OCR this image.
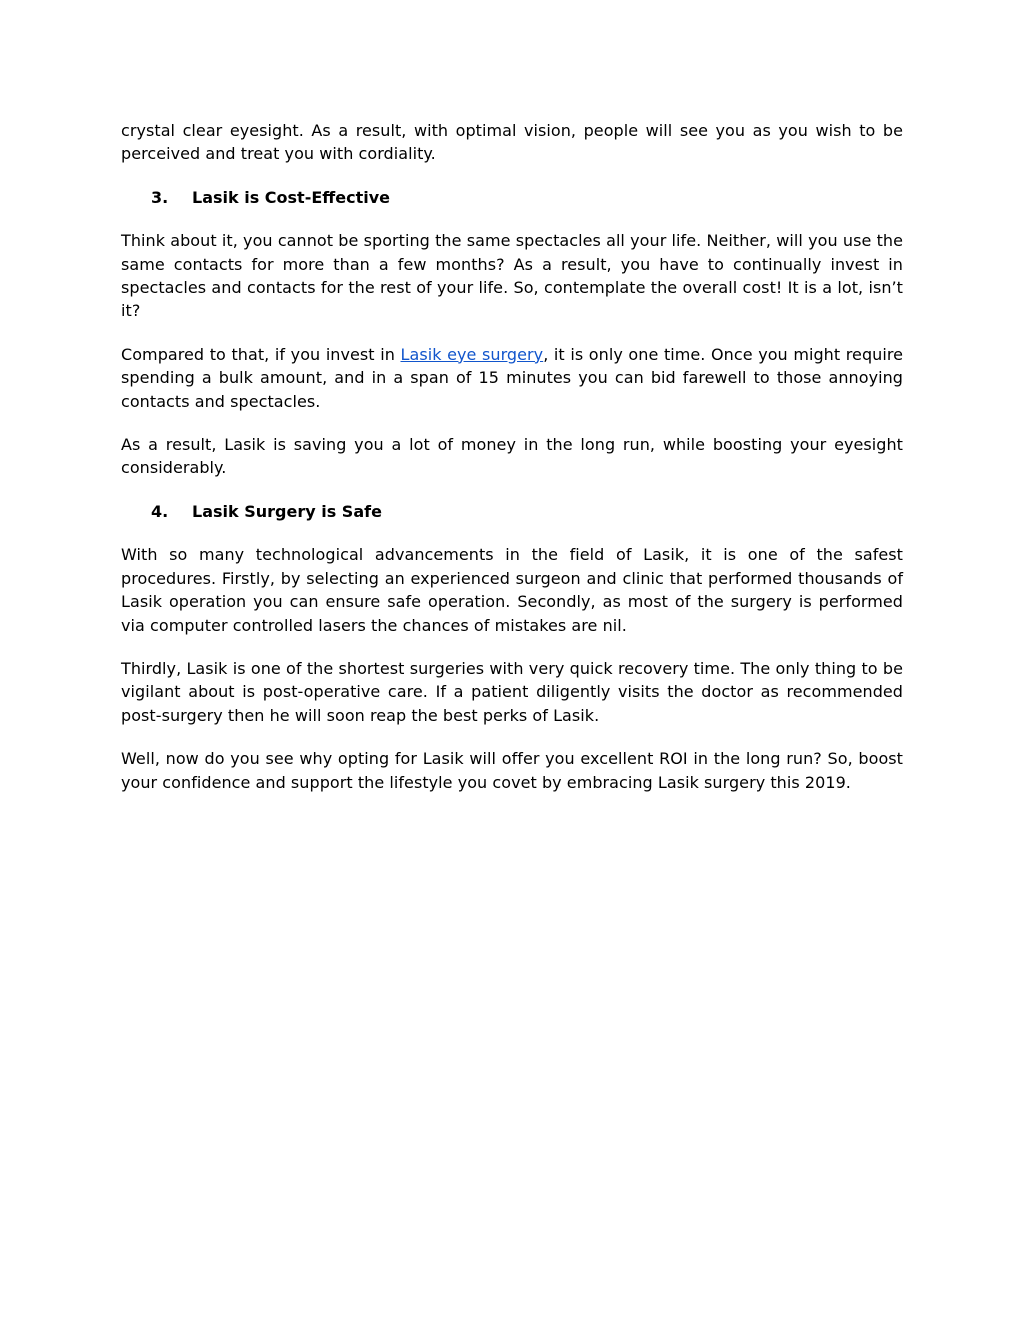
crystal clear eyesight. As a result, with optimal vision, people will see you as you wish to be perceived and treat you with cordiality.

3.	Lasik is Cost-Effective

Think about it, you cannot be sporting the same spectacles all your life. Neither, will you use the same contacts for more than a few months? As a result, you have to continually invest in spectacles and contacts for the rest of your life. So, contemplate the overall cost! It is a lot, isn’t it?

Compared to that, if you invest in Lasik eye surgery, it is only one time. Once you might require spending a bulk amount, and in a span of 15 minutes you can bid farewell to those annoying contacts and spectacles.

As a result, Lasik is saving you a lot of money in the long run, while boosting your eyesight considerably.

4.	Lasik Surgery is Safe

With so many technological advancements in the field of Lasik, it is one of the safest procedures. Firstly, by selecting an experienced surgeon and clinic that performed thousands of Lasik operation you can ensure safe operation. Secondly, as most of the surgery is performed via computer controlled lasers the chances of mistakes are nil.

Thirdly, Lasik is one of the shortest surgeries with very quick recovery time. The only thing to be vigilant about is post-operative care. If a patient diligently visits the doctor as recommended post-surgery then he will soon reap the best perks of Lasik.

Well, now do you see why opting for Lasik will offer you excellent ROI in the long run? So, boost your confidence and support the lifestyle you covet by embracing Lasik surgery this 2019.
